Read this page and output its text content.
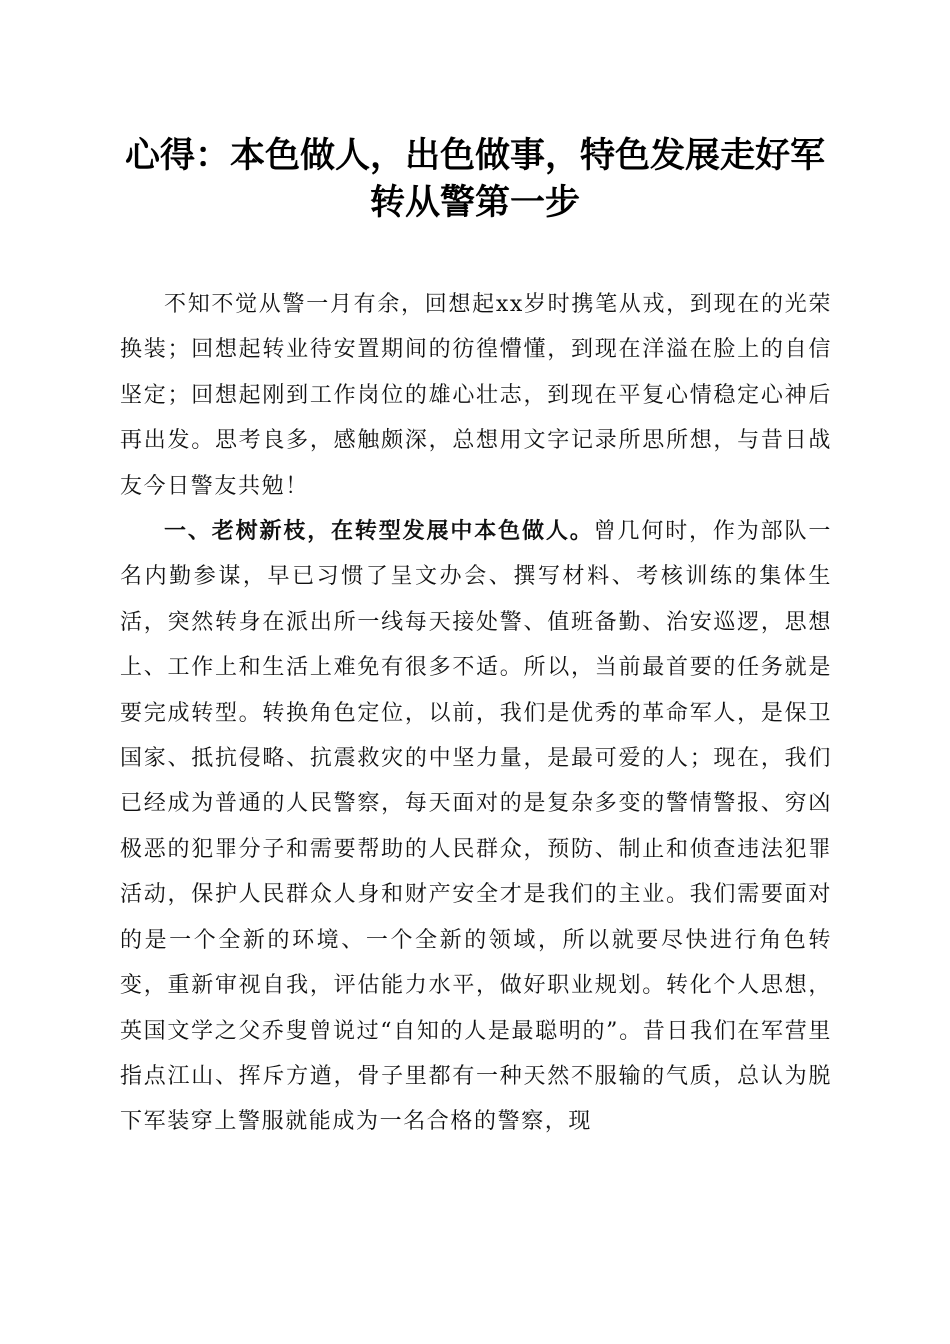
心得：本色做人，出色做事，特色发展走好军
转从警第一步

不知不觉从警一月有余，回想起xx岁时携笔从戎，到现在的光荣换装；回想起转业待安置期间的彷徨懵懂，到现在洋溢在脸上的自信坚定；回想起刚到工作岗位的雄心壮志，到现在平复心情稳定心神后再出发。思考良多，感触颇深，总想用文字记录所思所想，与昔日战友今日警友共勉！

一、老树新枝，在转型发展中本色做人。曾几何时，作为部队一名内勤参谋，早已习惯了呈文办会、撰写材料、考核训练的集体生活，突然转身在派出所一线每天接处警、值班备勤、治安巡逻，思想上、工作上和生活上难免有很多不适。所以，当前最首要的任务就是要完成转型。转换角色定位，以前，我们是优秀的革命军人，是保卫国家、抵抗侵略、抗震救灾的中坚力量，是最可爱的人；现在，我们已经成为普通的人民警察，每天面对的是复杂多变的警情警报、穷凶极恶的犯罪分子和需要帮助的人民群众，预防、制止和侦查违法犯罪活动，保护人民群众人身和财产安全才是我们的主业。我们需要面对的是一个全新的环境、一个全新的领域，所以就要尽快进行角色转变，重新审视自我，评估能力水平，做好职业规划。转化个人思想，英国文学之父乔叟曾说过“自知的人是最聪明的”。昔日我们在军营里指点江山、挥斥方遒，骨子里都有一种天然不服输的气质，总认为脱下军装穿上警服就能成为一名合格的警察，现
